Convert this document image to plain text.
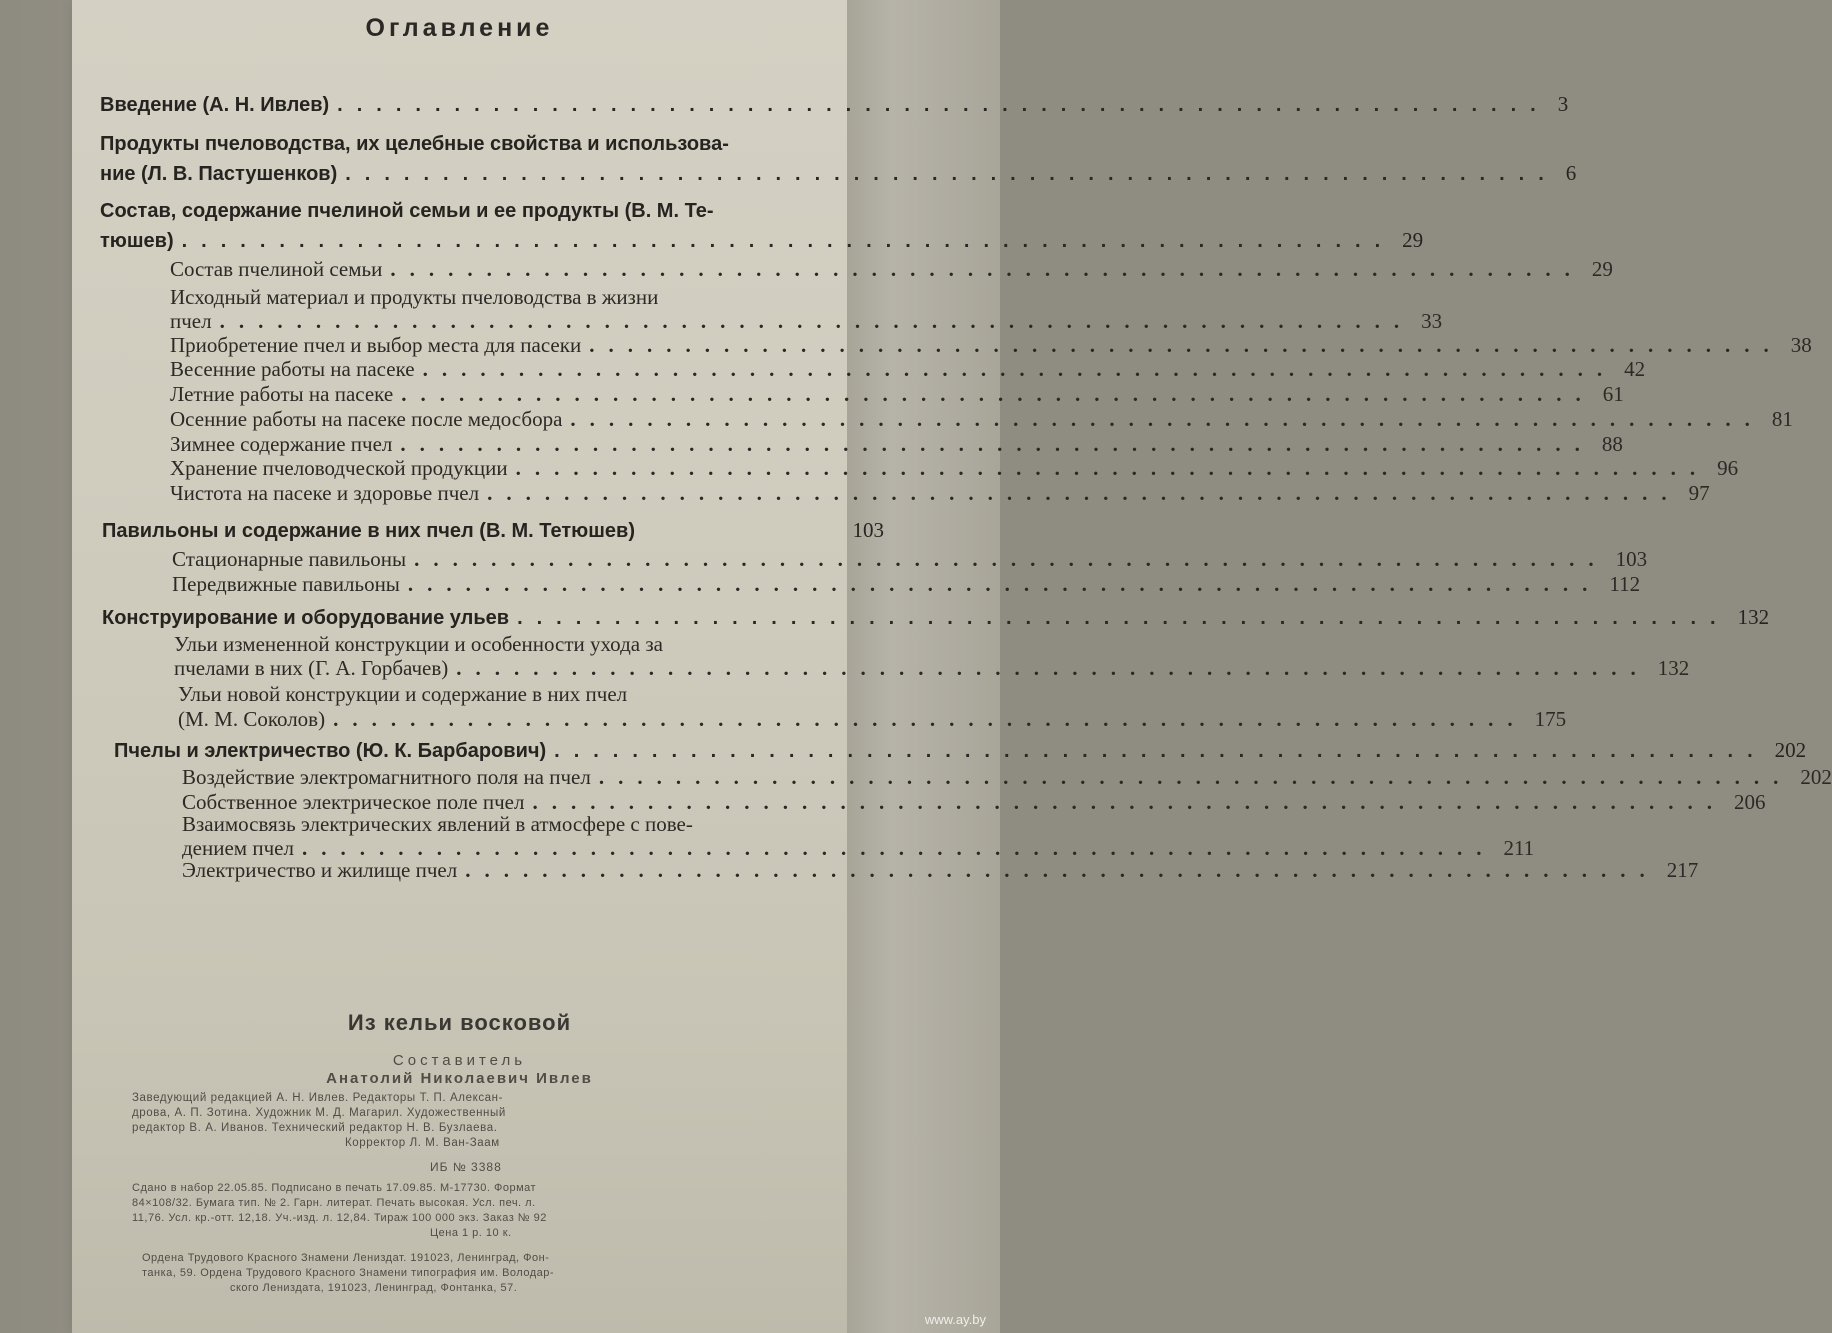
Оглавление
Введение (А. Н. Ивлев) .............................................................. 3
Продукты пчеловодства, их целебные свойства и использова-
ние (Л. В. Пастушенков) .............................................................. 6
Состав, содержание пчелиной семьи и ее продукты (В. М. Те-
тюшев) .............................................................. 29
Состав пчелиной семьи .............................................................. 29
Исходный материал и продукты пчеловодства в жизни
пчел .............................................................. 33
Приобретение пчел и выбор места для пасеки .............................................................. 38
Весенние работы на пасеке .............................................................. 42
Летние работы на пасеке .............................................................. 61
Осенние работы на пасеке после медосбора .............................................................. 81
Зимнее содержание пчел .............................................................. 88
Хранение пчеловодческой продукции .............................................................. 96
Чистота на пасеке и здоровье пчел .............................................................. 97
Павильоны и содержание в них пчел (В. М. Тетюшев)	103
Стационарные павильоны .............................................................. 103
Передвижные павильоны .............................................................. 112
Конструирование и оборудование ульев .............................................................. 132
Ульи измененной конструкции и особенности ухода за
пчелами в них (Г. А. Горбачев) .............................................................. 132
Ульи новой конструкции и содержание в них пчел
(М. М. Соколов) .............................................................. 175
Пчелы и электричество (Ю. К. Барбарович) .............................................................. 202
Воздействие электромагнитного поля на пчел .............................................................. 202
Собственное электрическое поле пчел .............................................................. 206
Взаимосвязь электрических явлений в атмосфере с пове-
дением пчел .............................................................. 211
Электричество и жилище пчел .............................................................. 217
Из кельи восковой
Составитель
Анатолий Николаевич Ивлев
Заведующий редакцией А. Н. Ивлев. Редакторы Т. П. Алексан-
дрова, А. П. Зотина. Художник М. Д. Магарил. Художественный
редактор В. А. Иванов. Технический редактор Н. В. Бузлаева.
Корректор Л. М. Ван-Заам
ИБ № 3388
Сдано в набор 22.05.85. Подписано в печать 17.09.85. М-17730. Формат
84×108/32. Бумага тип. № 2. Гарн. литерат. Печать высокая. Усл. печ. л.
11,76. Усл. кр.-отт. 12,18. Уч.-изд. л. 12,84. Тираж 100 000 экз. Заказ № 92
Цена 1 р. 10 к.
Ордена Трудового Красного Знамени Лениздат. 191023, Ленинград, Фон-
танка, 59. Ордена Трудового Красного Знамени типография им. Володар-
ского Лениздата, 191023, Ленинград, Фонтанка, 57.
www.ay.by
